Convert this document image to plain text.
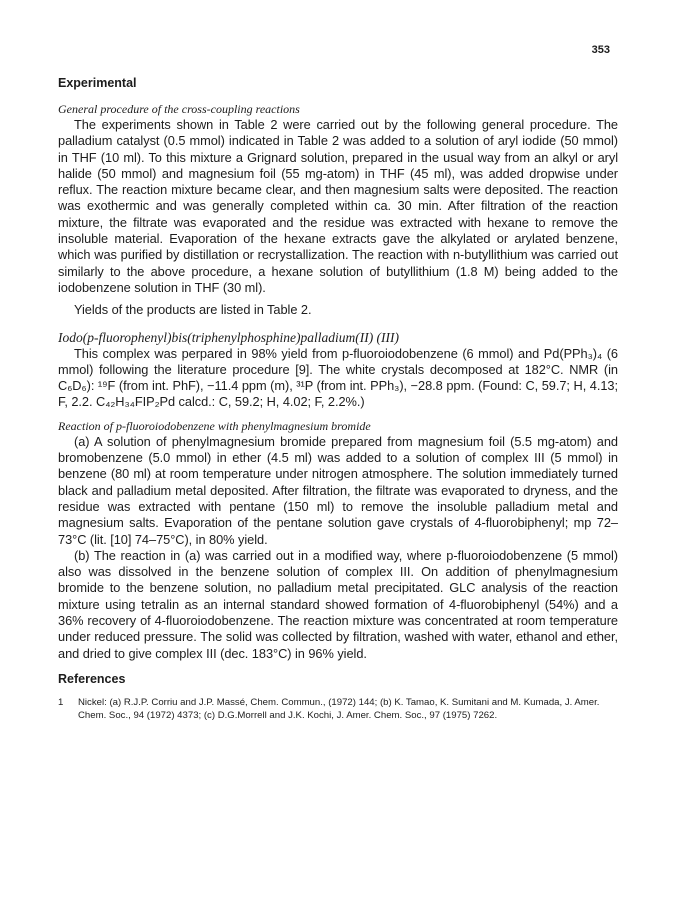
353
Experimental
General procedure of the cross-coupling reactions

The experiments shown in Table 2 were carried out by the following general procedure. The palladium catalyst (0.5 mmol) indicated in Table 2 was added to a solution of aryl iodide (50 mmol) in THF (10 ml). To this mixture a Grignard solution, prepared in the usual way from an alkyl or aryl halide (50 mmol) and magnesium foil (55 mg-atom) in THF (45 ml), was added dropwise under reflux. The reaction mixture became clear, and then magnesium salts were deposited. The reaction was exothermic and was generally completed within ca. 30 min. After filtration of the reaction mixture, the filtrate was evaporated and the residue was extracted with hexane to remove the insoluble material. Evaporation of the hexane extracts gave the alkylated or arylated benzene, which was purified by distillation or recrystallization. The reaction with n-butyllithium was carried out similarly to the above procedure, a hexane solution of butyllithium (1.8 M) being added to the iodobenzene solution in THF (30 ml).

Yields of the products are listed in Table 2.

Iodo(p-fluorophenyl)bis(triphenylphosphine)palladium(II) (III)

This complex was perpared in 98% yield from p-fluoroiodobenzene (6 mmol) and Pd(PPh₃)₄ (6 mmol) following the literature procedure [9]. The white crystals decomposed at 182°C. NMR (in C₆D₆): ¹⁹F (from int. PhF), −11.4 ppm (m), ³¹P (from int. PPh₃), −28.8 ppm. (Found: C, 59.7; H, 4.13; F, 2.2. C₄₂H₃₄FIP₂Pd calcd.: C, 59.2; H, 4.02; F, 2.2%.)

Reaction of p-fluoroiodobenzene with phenylmagnesium bromide

(a) A solution of phenylmagnesium bromide prepared from magnesium foil (5.5 mg-atom) and bromobenzene (5.0 mmol) in ether (4.5 ml) was added to a solution of complex III (5 mmol) in benzene (80 ml) at room temperature under nitrogen atmosphere. The solution immediately turned black and palladium metal deposited. After filtration, the filtrate was evaporated to dryness, and the residue was extracted with pentane (150 ml) to remove the insoluble palladium metal and magnesium salts. Evaporation of the pentane solution gave crystals of 4-fluorobiphenyl; mp 72–73°C (lit. [10] 74–75°C), in 80% yield.

(b) The reaction in (a) was carried out in a modified way, where p-fluoroiodobenzene (5 mmol) also was dissolved in the benzene solution of complex III. On addition of phenylmagnesium bromide to the benzene solution, no palladium metal precipitated. GLC analysis of the reaction mixture using tetralin as an internal standard showed formation of 4-fluorobiphenyl (54%) and a 36% recovery of 4-fluoroiodobenzene. The reaction mixture was concentrated at room temperature under reduced pressure. The solid was collected by filtration, washed with water, ethanol and ether, and dried to give complex III (dec. 183°C) in 96% yield.

References
1	Nickel: (a) R.J.P. Corriu and J.P. Massé, Chem. Commun., (1972) 144; (b) K. Tamao, K. Sumitani and M. Kumada, J. Amer. Chem. Soc., 94 (1972) 4373; (c) D.G.Morrell and J.K. Kochi, J. Amer. Chem. Soc., 97 (1975) 7262.
